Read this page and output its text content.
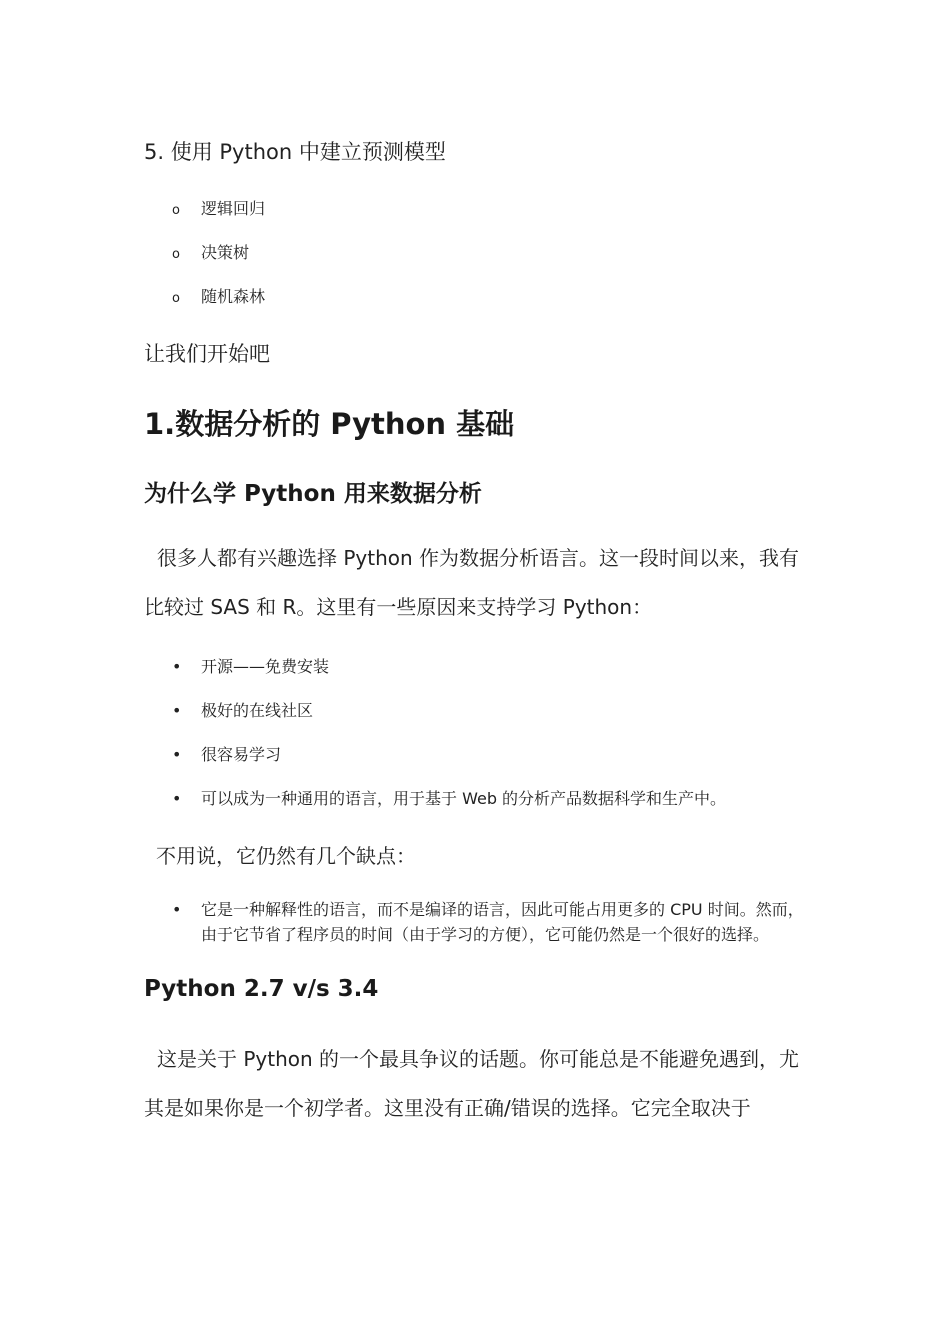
5. 使用 Python 中建立预测模型
o 逻辑回归
o 决策树
o 随机森林
让我们开始吧
1.数据分析的 Python 基础
为什么学 Python 用来数据分析
很多人都有兴趣选择 Python 作为数据分析语言。这一段时间以来，我有比较过 SAS 和 R。这里有一些原因来支持学习 Python：
• 开源——免费安装
• 极好的在线社区
• 很容易学习
• 可以成为一种通用的语言，用于基于 Web 的分析产品数据科学和生产中。
不用说，它仍然有几个缺点：
• 它是一种解释性的语言，而不是编译的语言，因此可能占用更多的 CPU 时间。然而，由于它节省了程序员的时间（由于学习的方便），它可能仍然是一个很好的选择。
Python 2.7 v/s 3.4
这是关于 Python 的一个最具争议的话题。你可能总是不能避免遇到，尤其是如果你是一个初学者。这里没有正确/错误的选择。它完全取决于
